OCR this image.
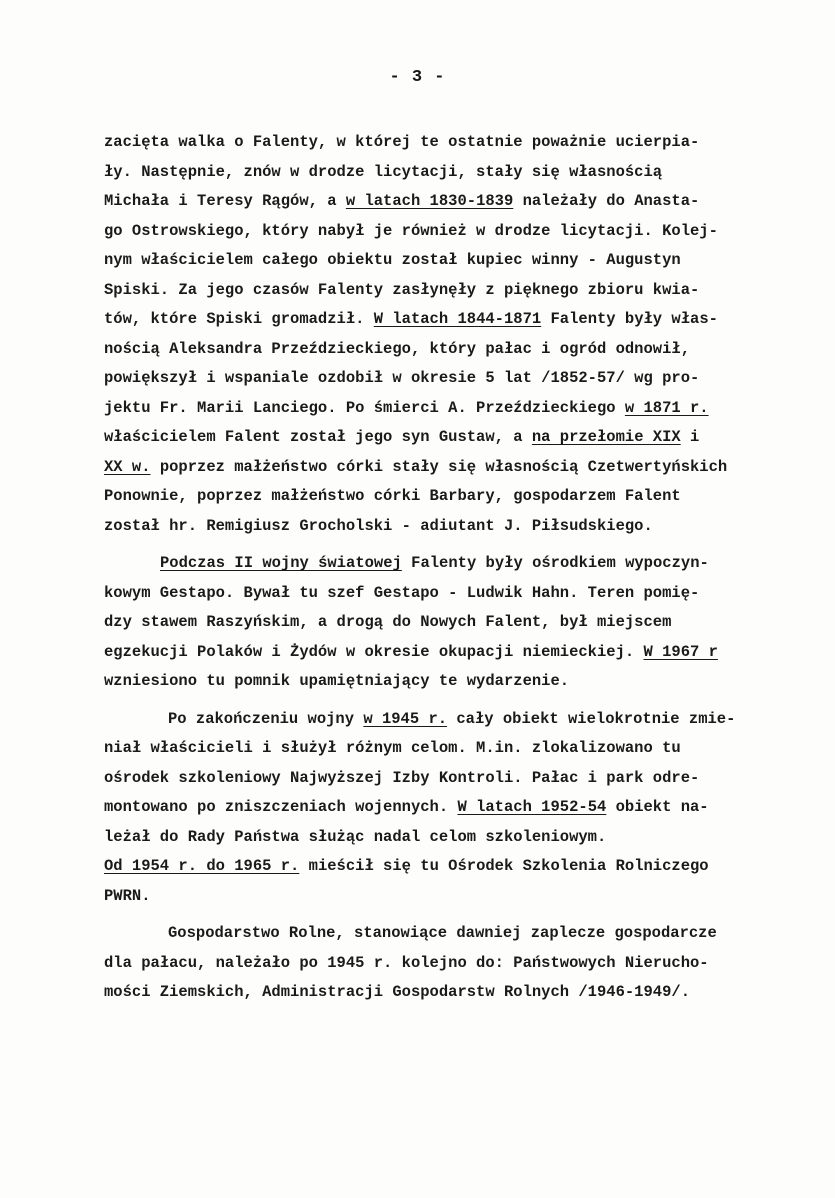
- 3 -
zacięta walka o Falenty, w której te ostatnie poważnie ucierpia-
ły. Następnie, znów w drodze licytacji, stały się własnością
Michała i Teresy Rągów, a w latach 1830-1839 należały do Anasta-
go Ostrowskiego, który nabył je również w drodze licytacji. Kolej-
nym właścicielem całego obiektu został kupiec winny - Augustyn
Spiski. Za jego czasów Falenty zasłynęły z pięknego zbioru kwia-
tów, które Spiski gromadził. W latach 1844-1871 Falenty były włas-
nością Aleksandra Przeździeckiego, który pałac i ogród odnowił,
powiększył i wspaniale ozdobił w okresie 5 lat /1852-57/ wg pro-
jektu Fr. Marii Lanciego. Po śmierci A. Przeździeckiego w 1871 r.
właścicielem Falent został jego syn Gustaw, a na przełomie XIX i
XX w. poprzez małżeństwo córki stały się własnością Czetwertyńskich
Ponownie, poprzez małżeństwo córki Barbary, gospodarzem Falent
został hr. Remigiusz Grocholski - adiutant J. Piłsudskiego.
Podczas II wojny światowej Falenty były ośrodkiem wypoczyn-
kowym Gestapo. Bywał tu szef Gestapo - Ludwik Hahn. Teren pomię-
dzy stawem Raszyńskim, a drogą do Nowych Falent, był miejscem
egzekucji Polaków i Żydów w okresie okupacji niemieckiej. W 1967 r
wzniesiono tu pomnik upamiętniający te wydarzenie.
Po zakończeniu wojny w 1945 r. cały obiekt wielokrotnie zmie-
niał właścicieli i służył różnym celom. M.in. zlokalizowano tu
ośrodek szkoleniowy Najwyższej Izby Kontroli. Pałac i park odre-
montowano po zniszczeniach wojennych. W latach 1952-54 obiekt na-
leżał do Rady Państwa służąc nadal celom szkoleniowym.
Od 1954 r. do 1965 r. mieścił się tu Ośrodek Szkolenia Rolniczego
PWRN.
Gospodarstwo Rolne, stanowiące dawniej zaplecze gospodarcze
dla pałacu, należało po 1945 r. kolejno do: Państwowych Nierucho-
mości Ziemskich, Administracji Gospodarstw Rolnych /1946-1949/.
